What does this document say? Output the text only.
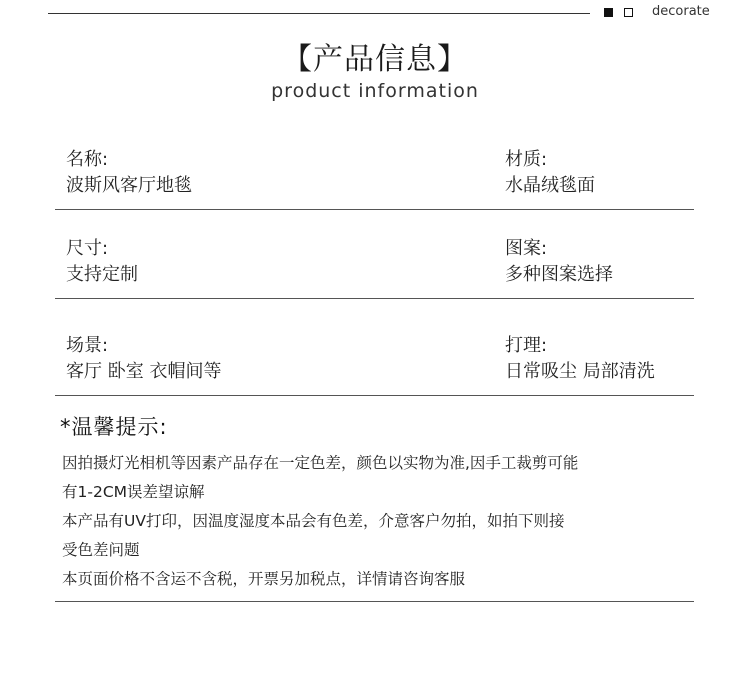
decorate
【产品信息】
product information
名称:
波斯风客厅地毯
材质:
水晶绒毯面
尺寸:
支持定制
图案:
多种图案选择
场景:
客厅 卧室 衣帽间等
打理:
日常吸尘 局部清洗
*温馨提示:
因拍摄灯光相机等因素产品存在一定色差，颜色以实物为准,因手工裁剪可能
有1-2CM误差望谅解
本产品有UV打印，因温度湿度本品会有色差，介意客户勿拍，如拍下则接
受色差问题
本页面价格不含运不含税，开票另加税点，详情请咨询客服
